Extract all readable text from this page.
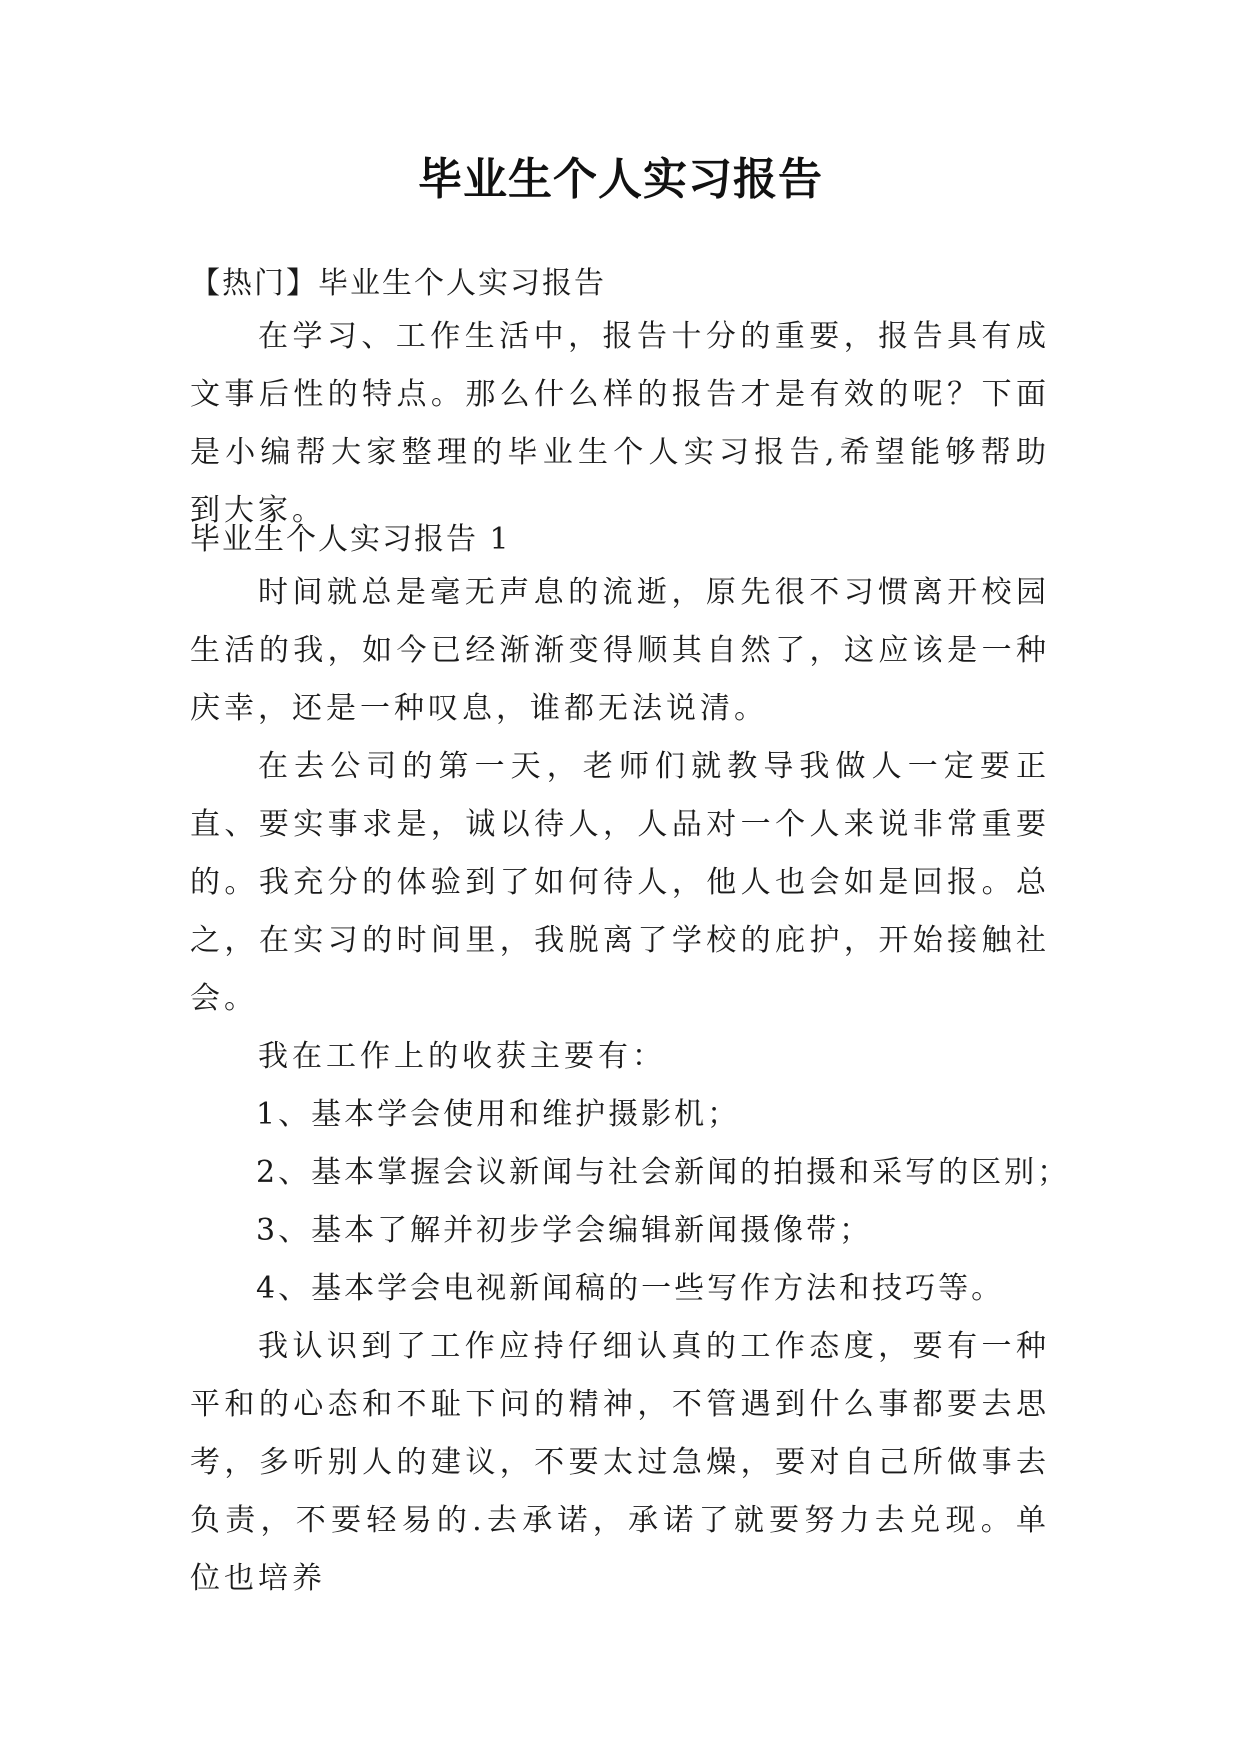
毕业生个人实习报告
【热门】毕业生个人实习报告

在学习、工作生活中，报告十分的重要，报告具有成文事后性的特点。那么什么样的报告才是有效的呢？下面是小编帮大家整理的毕业生个人实习报告,希望能够帮助到大家。

毕业生个人实习报告 1

时间就总是毫无声息的流逝，原先很不习惯离开校园生活的我，如今已经渐渐变得顺其自然了，这应该是一种庆幸，还是一种叹息，谁都无法说清。

在去公司的第一天，老师们就教导我做人一定要正直、要实事求是，诚以待人，人品对一个人来说非常重要的。我充分的体验到了如何待人，他人也会如是回报。总之，在实习的时间里，我脱离了学校的庇护，开始接触社会。

我在工作上的收获主要有：

1、基本学会使用和维护摄影机；

2、基本掌握会议新闻与社会新闻的拍摄和采写的区别；

3、基本了解并初步学会编辑新闻摄像带；

4、基本学会电视新闻稿的一些写作方法和技巧等。

我认识到了工作应持仔细认真的工作态度，要有一种平和的心态和不耻下问的精神，不管遇到什么事都要去思考，多听别人的建议，不要太过急燥，要对自己所做事去负责，不要轻易的.去承诺，承诺了就要努力去兑现。单位也培养
